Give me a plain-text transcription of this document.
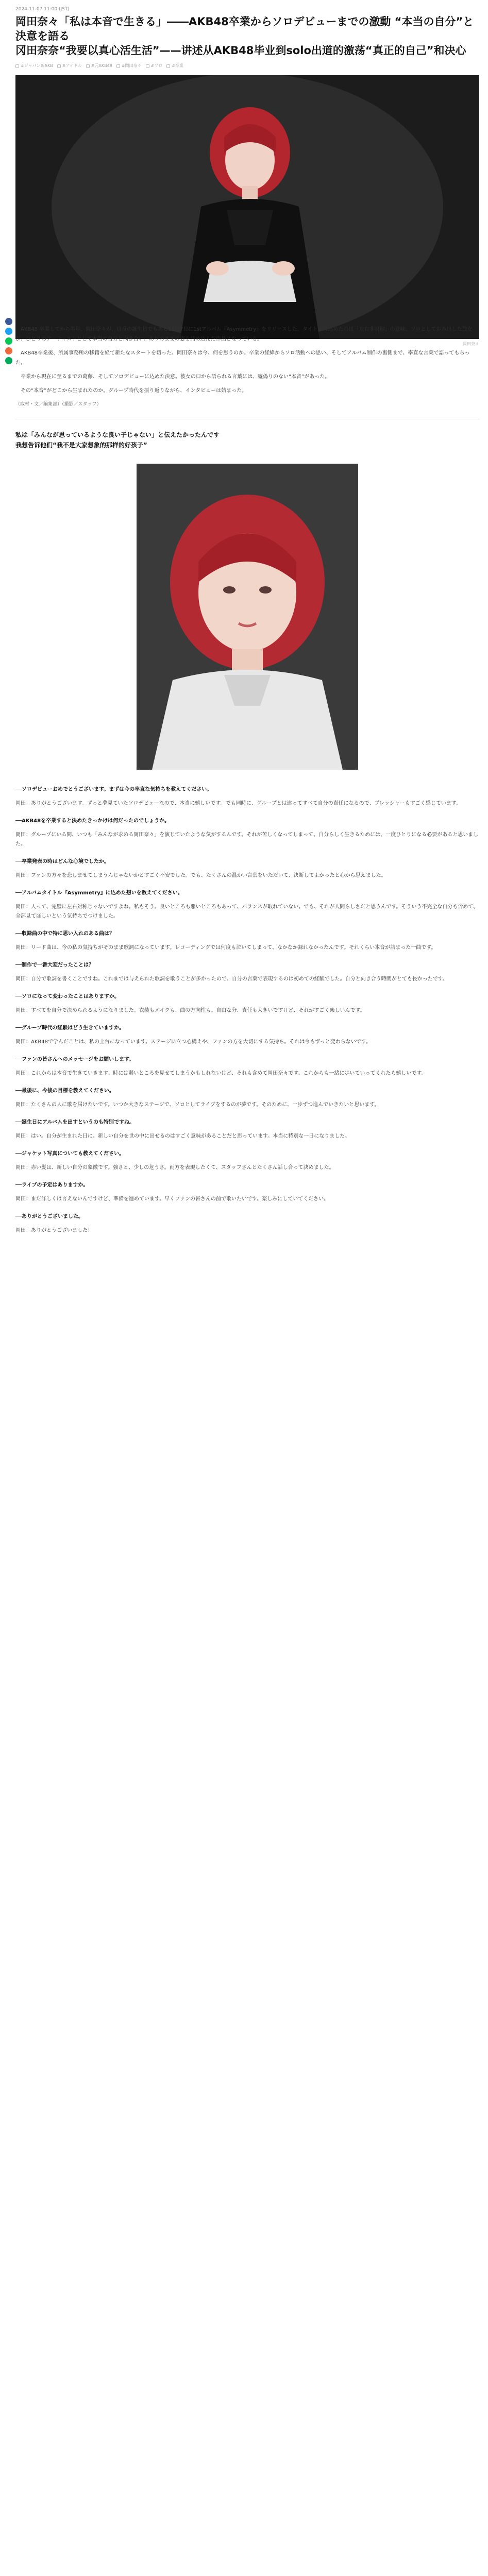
2024-11-07 11:00 (JST)
岡田奈々「私は本音で生きる」――AKB48卒業からソロデビューまでの激動 “本当の自分”と決意を語る
冈田奈奈“我要以真心活生活”——讲述从AKB48毕业到solo出道的激荡“真正的自己”和决心
#ジャパン＆AKB #アイドル #元AKB48 #岡田奈々 #ソロ #卒業
岡田奈々

AKB48 卒業してから半年。岡田奈々が、自身の誕生日でもある11月7日に1stアルバム『Asymmetry』をリリースした。タイトルに込めたのは「左右非対称」の意味。ソロとして歩み出した彼女が、ひとりのアーティストとして本当の自分と向き合い、ありのままの姿を詰め込んだ作品となっている。

AKB48卒業後、所属事務所の移籍を経て新たなスタートを切った。岡田奈々は今、何を思うのか。卒業の経緯からソロ活動への思い、そしてアルバム制作の裏側まで、率直な言葉で語ってもらった。

卒業から現在に至るまでの葛藤、そしてソロデビューに込めた決意。彼女の口から語られる言葉には、嘘偽りのない“本音”があった。

その“本音”がどこから生まれたのか。グループ時代を振り返りながら、インタビューは始まった。

（取材・文／編集部）（撮影／スタッフ）
私は「みんなが思っているような良い子じゃない」と伝えたかったんです
我想告诉他们“我不是大家想象的那样的好孩子”

──ソロデビューおめでとうございます。まずは今の率直な気持ちを教えてください。

岡田：ありがとうございます。ずっと夢見ていたソロデビューなので、本当に嬉しいです。でも同時に、グループとは違ってすべて自分の責任になるので、プレッシャーもすごく感じています。

──AKB48を卒業すると決めたきっかけは何だったのでしょうか。

岡田：グループにいる間、いつも「みんなが求める岡田奈々」を演じていたような気がするんです。それが苦しくなってしまって。自分らしく生きるためには、一度ひとりになる必要があると思いました。

──卒業発表の時はどんな心境でしたか。

岡田：ファンの方々を悲しませてしまうんじゃないかとすごく不安でした。でも、たくさんの温かい言葉をいただいて、決断してよかったと心から思えました。

──アルバムタイトル『Asymmetry』に込めた想いを教えてください。

岡田：人って、完璧に左右対称じゃないですよね。私もそう。良いところも悪いところもあって、バランスが取れていない。でも、それが人間らしさだと思うんです。そういう不完全な自分も含めて、全部見てほしいという気持ちでつけました。

──収録曲の中で特に思い入れのある曲は？

岡田：リード曲は、今の私の気持ちがそのまま歌詞になっています。レコーディングでは何度も泣いてしまって、なかなか録れなかったんです。それくらい本音が詰まった一曲です。

──制作で一番大変だったことは？

岡田：自分で歌詞を書くことですね。これまでは与えられた歌詞を歌うことが多かったので、自分の言葉で表現するのは初めての経験でした。自分と向き合う時間がとても長かったです。

──ソロになって変わったことはありますか。

岡田：すべてを自分で決められるようになりました。衣装もメイクも、曲の方向性も。自由な分、責任も大きいですけど、それがすごく楽しいんです。

──グループ時代の経験はどう生きていますか。

岡田：AKB48で学んだことは、私の土台になっています。ステージに立つ心構えや、ファンの方を大切にする気持ち。それは今もずっと変わらないです。

──ファンの皆さんへのメッセージをお願いします。

岡田：これからは本音で生きていきます。時には弱いところを見せてしまうかもしれないけど、それも含めて岡田奈々です。これからも一緒に歩いていってくれたら嬉しいです。

──最後に、今後の目標を教えてください。

岡田：たくさんの人に歌を届けたいです。いつか大きなステージで、ソロとしてライブをするのが夢です。そのために、一歩ずつ進んでいきたいと思います。

──誕生日にアルバムを出すというのも特別ですね。

岡田：はい。自分が生まれた日に、新しい自分を世の中に出せるのはすごく意味があることだと思っています。本当に特別な一日になりました。

──ジャケット写真についても教えてください。

岡田：赤い髪は、新しい自分の象徴です。強さと、少しの危うさ。両方を表現したくて、スタッフさんとたくさん話し合って決めました。

──ライブの予定はありますか。

岡田：まだ詳しくは言えないんですけど、準備を進めています。早くファンの皆さんの前で歌いたいです。楽しみにしていてください。

──ありがとうございました。

岡田：ありがとうございました！
